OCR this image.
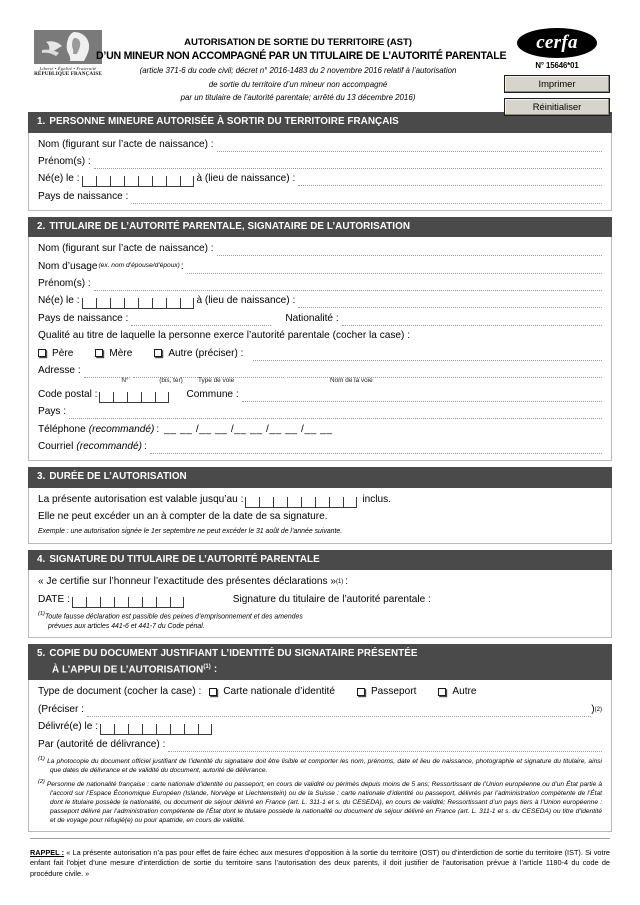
Liberté • Égalité • Fraternité
RÉPUBLIQUE FRANÇAISE
AUTORISATION DE SORTIE DU TERRITOIRE (AST)
D’UN MINEUR NON ACCOMPAGNÉ PAR UN TITULAIRE DE L’AUTORITÉ PARENTALE
(article 371-6 du code civil; décret n° 2016-1483 du 2 novembre 2016 relatif à l’autorisation
de sortie du territoire d’un mineur non accompagné
par un titulaire de l’autorité parentale; arrêté du 13 décembre 2016)
cerfa
N° 15646*01
Imprimer
Réinitialiser
1. PERSONNE MINEURE AUTORISÉE À SORTIR DU TERRITOIRE FRANÇAIS
Nom (figurant sur l’acte de naissance) :
Prénom(s) :
Né(e) le :	à (lieu de naissance) :
Pays de naissance :
2. TITULAIRE DE L’AUTORITÉ PARENTALE, SIGNATAIRE DE L’AUTORISATION
Nom (figurant sur l’acte de naissance) :
Nom d’usage (ex. nom d’épouse/d’époux) :
Prénom(s) :
Né(e) le :	à (lieu de naissance) :
Pays de naissance :	Nationalité :
Qualité au titre de laquelle la personne exerce l’autorité parentale (cocher la case) :
Père	Mère	Autre (préciser) :
Adresse :
N°	(bis, ter)	Type de voie	Nom de la voie
Code postal :	Commune :
Pays :
Téléphone (recommandé) : __ __ /__ __ /__ __ /__ __ /__ __
Courriel (recommandé) :
3. DURÉE DE L’AUTORISATION
La présente autorisation est valable jusqu’au :	inclus.
Elle ne peut excéder un an à compter de la date de sa signature.
Exemple : une autorisation signée le 1er septembre ne peut excéder le 31 août de l’année suivante.
4. SIGNATURE DU TITULAIRE DE L’AUTORITÉ PARENTALE
« Je certifie sur l’honneur l’exactitude des présentes déclarations » (1) :
DATE :	Signature du titulaire de l’autorité parentale :
$^{(1)}$Toute fausse déclaration est passible des peines d’emprisonnement et des amendes
prévues aux articles 441-6 et 441-7 du Code pénal.
5. COPIE DU DOCUMENT JUSTIFIANT L’IDENTITÉ DU SIGNATAIRE PRÉSENTÉE
À L’APPUI DE L’AUTORISATION$^{(1)}$ :
Type de document (cocher la case) :	Carte nationale d’identité	Passeport	Autre
(Préciser :	) (2)
Délivré(e) le :
Par (autorité de délivrance) :
$^{(1)}$ La photocopie du document officiel justifiant de l’identité du signataire doit être lisible et comporter les nom, prénoms, date et lieu de naissance, photographie et signature du titulaire, ainsi que dates de délivrance et de validité du document, autorité de délivrance.
$^{(2)}$ Personne de nationalité française : carte nationale d’identité ou passeport, en cours de validité ou périmés depuis moins de 5 ans; Ressortissant de l’Union européenne ou d’un État partie à l’accord sur l’Espace Économique Européen (Islande, Norvège et Liechtenstein) ou de la Suisse : carte nationale d’identité ou passeport, délivrés par l’administration compétente de l’État dont le titulaire possède la nationalité, ou document de séjour délivré en France (art. L. 311-1 et s. du CESEDA), en cours de validité; Ressortissant d’un pays tiers à l’Union européenne : passeport délivré par l’administration compétente de l’État dont le titulaire possède la nationalité ou document de séjour délivré en France (art. L. 311-1 et s. du CESEDA) ou titre d’identité et de voyage pour réfugié(e) ou pour apatride, en cours de validité.
RAPPEL : « La présente autorisation n’a pas pour effet de faire échec aux mesures d’opposition à la sortie du territoire (OST) ou d’interdiction de sortie du territoire (IST). Si votre enfant fait l’objet d’une mesure d’interdiction de sortie du territoire sans l’autorisation des deux parents, il doit justifier de l’autorisation prévue à l’article 1180-4 du code de procédure civile. »
